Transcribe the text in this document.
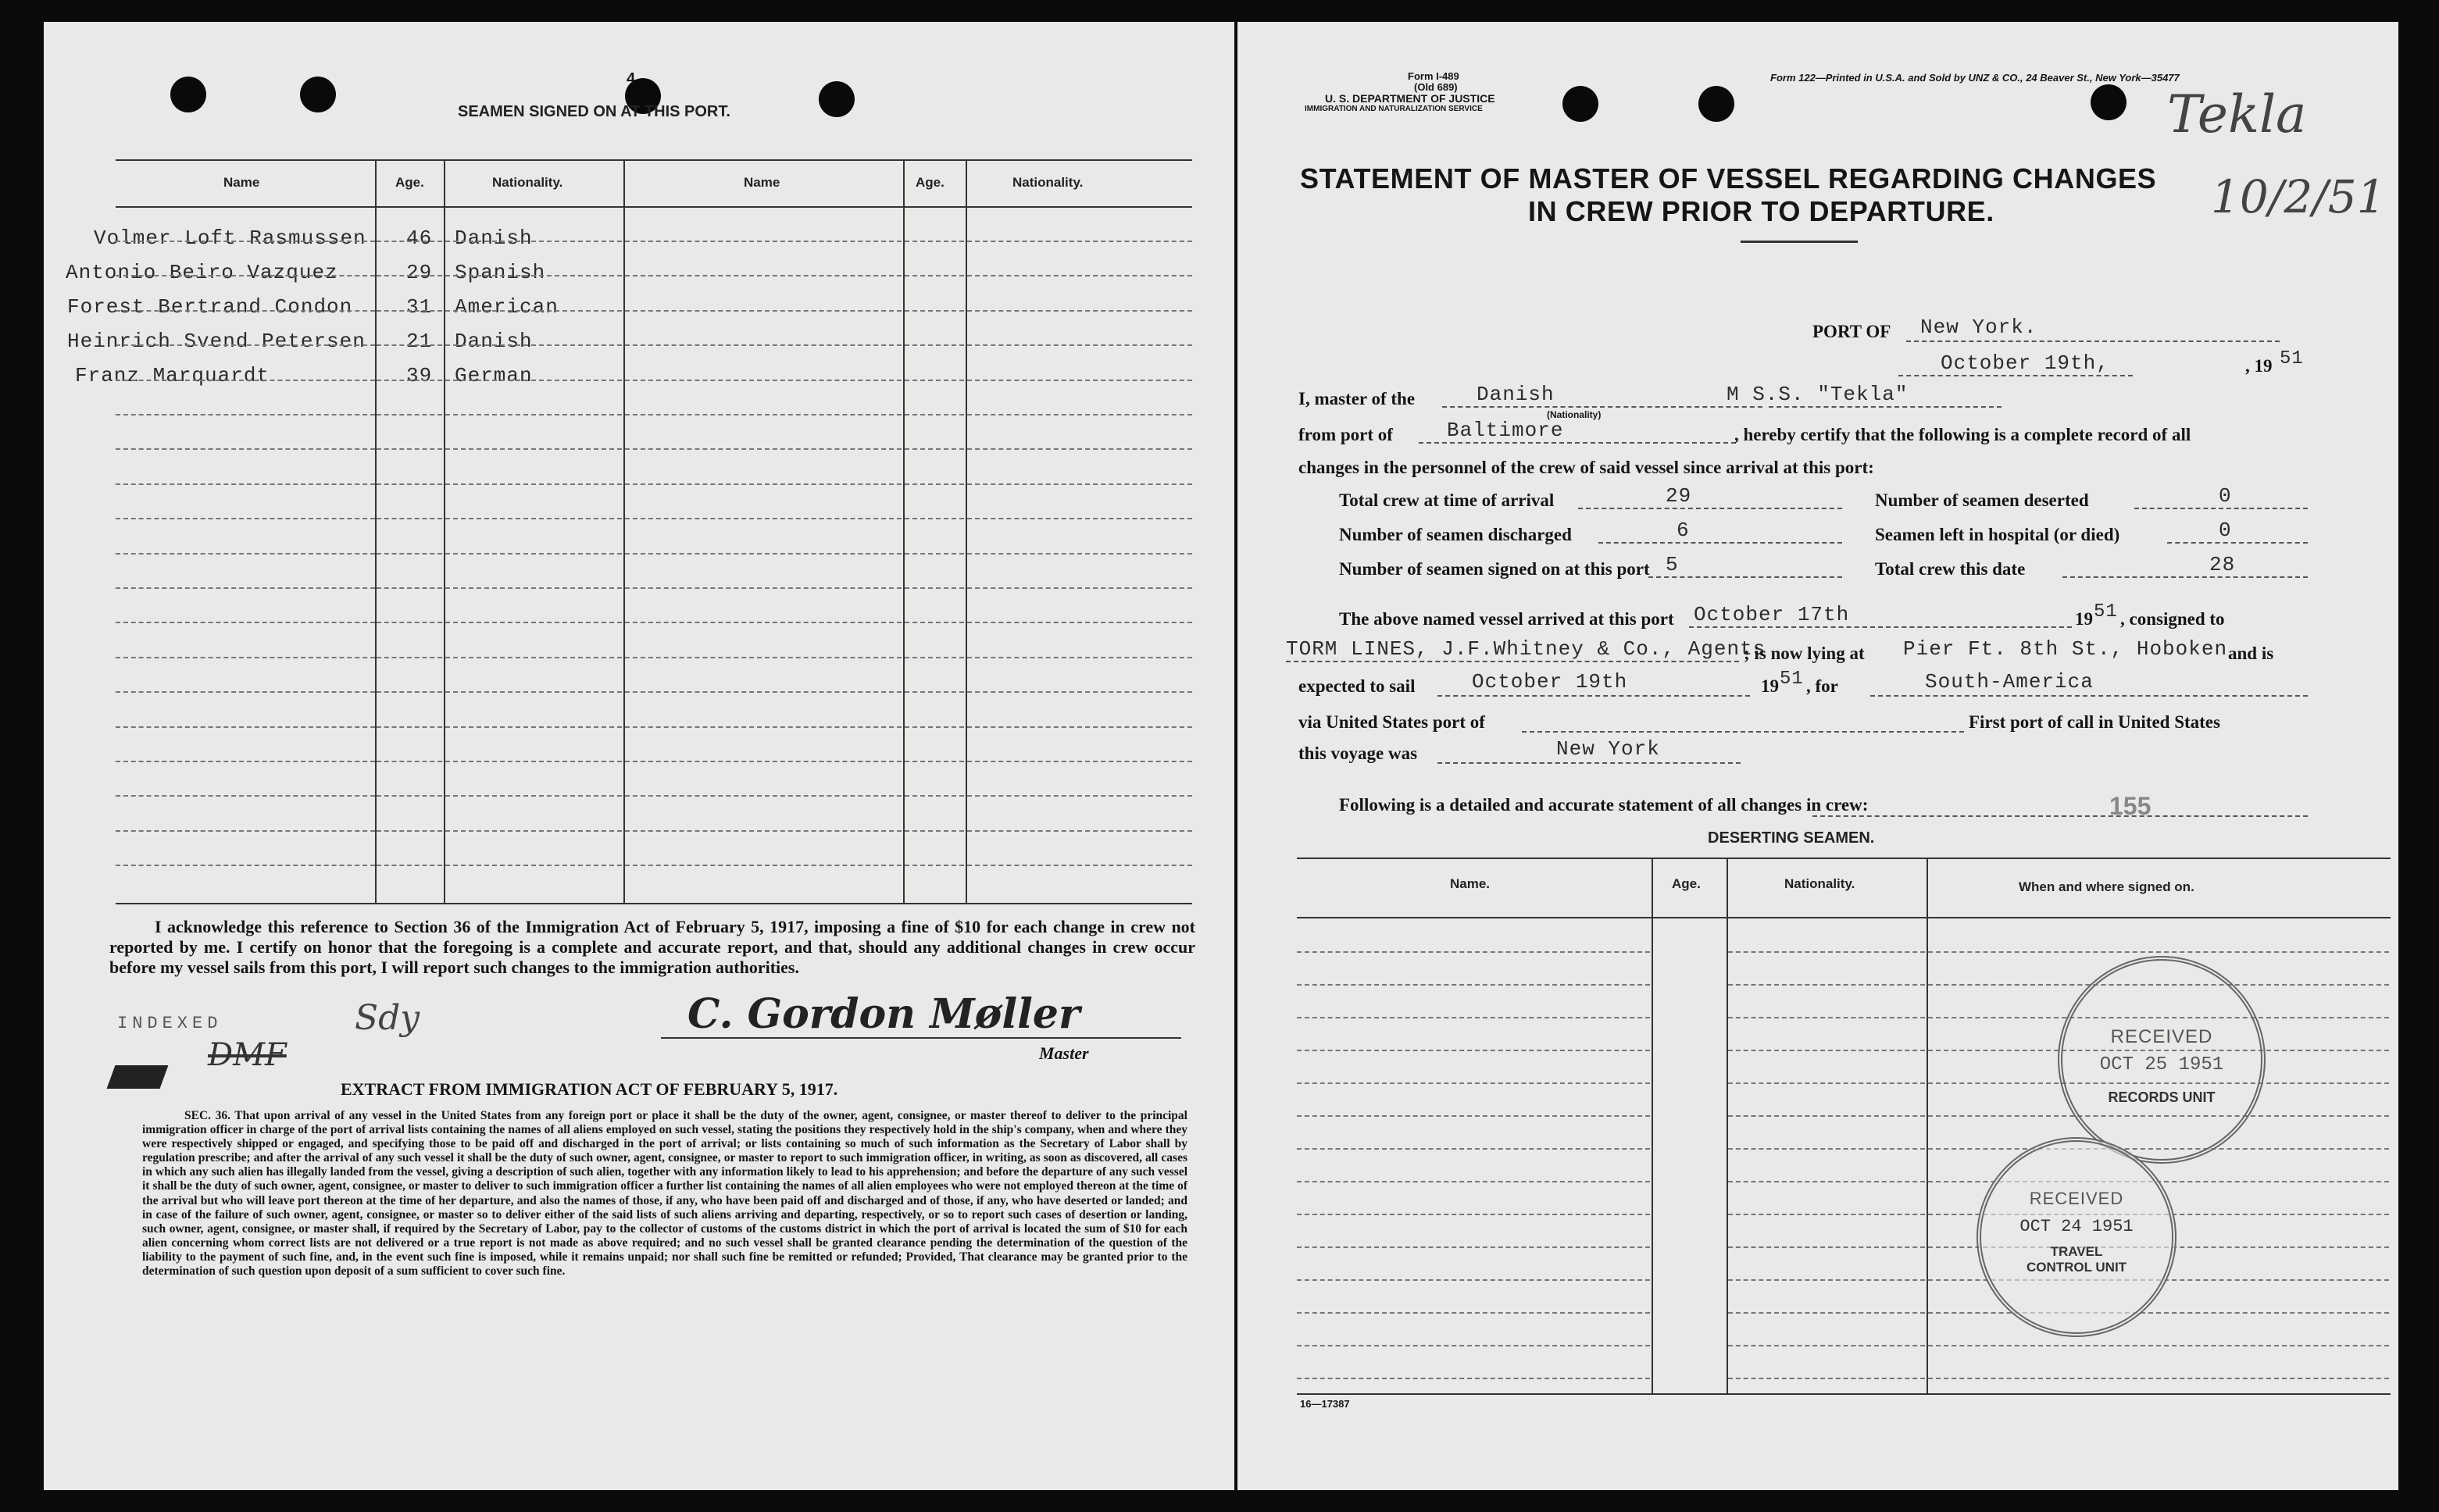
4
SEAMEN SIGNED ON AT THIS PORT.
Name	Age.	Nationality.	Name	Age.	Nationality.
Volmer Loft Rasmussen 46 Danish
Antonio Beiro Vazquez	29 Spanish
Forest Bertrand Condon	31 American
Heinrich Svend Petersen 21 Danish
Franz Marquardt	39 German
I acknowledge this reference to Section 36 of the Immigration Act of February 5, 1917, imposing a fine of $10 for each change in crew not reported by me. I certify on honor that the foregoing is a complete and accurate report, and that, should any additional changes in crew occur before my vessel sails from this port, I will report such changes to the immigration authorities.
INDEXED	Sdy
DMF
C. Gordon Møller
Master
EXTRACT FROM IMMIGRATION ACT OF FEBRUARY 5, 1917.
SEC. 36. That upon arrival of any vessel in the United States from any foreign port or place it shall be the duty of the owner, agent, consignee, or master thereof to deliver to the principal immigration officer in charge of the port of arrival lists containing the names of all aliens employed on such vessel, stating the positions they respectively hold in the ship's company, when and where they were respectively shipped or engaged, and specifying those to be paid off and discharged in the port of arrival; or lists containing so much of such information as the Secretary of Labor shall by regulation prescribe; and after the arrival of any such vessel it shall be the duty of such owner, agent, consignee, or master to report to such immigration officer, in writing, as soon as discovered, all cases in which any such alien has illegally landed from the vessel, giving a description of such alien, together with any information likely to lead to his apprehension; and before the departure of any such vessel it shall be the duty of such owner, agent, consignee, or master to deliver to such immigration officer a further list containing the names of all alien employees who were not employed thereon at the time of the arrival but who will leave port thereon at the time of her departure, and also the names of those, if any, who have been paid off and discharged and of those, if any, who have deserted or landed; and in case of the failure of such owner, agent, consignee, or master so to deliver either of the said lists of such aliens arriving and departing, respectively, or so to report such cases of desertion or landing, such owner, agent, consignee, or master shall, if required by the Secretary of Labor, pay to the collector of customs of the customs district in which the port of arrival is located the sum of $10 for each alien concerning whom correct lists are not delivered or a true report is not made as above required; and no such vessel shall be granted clearance pending the determination of the question of the liability to the payment of such fine, and, in the event such fine is imposed, while it remains unpaid; nor shall such fine be remitted or refunded; Provided, That clearance may be granted prior to the determination of such question upon deposit of a sum sufficient to cover such fine.
Form I-489
(Old 689)
U. S. DEPARTMENT OF JUSTICE
IMMIGRATION AND NATURALIZATION SERVICE
Form 122—Printed in U.S.A. and Sold by UNZ & CO., 24 Beaver St., New York—35477
Tekla
10/2/51
STATEMENT OF MASTER OF VESSEL REGARDING CHANGES
IN CREW PRIOR TO DEPARTURE.
PORT OF New York.
October 19th,	, 19 51
I, master of the	Danish
(Nationality)
M S.S. "Tekla"
from port of	Baltimore	, hereby certify that the following is a complete record of all
changes in the personnel of the crew of said vessel since arrival at this port:
Total crew at time of arrival	29	Number of seamen deserted	0
Number of seamen discharged	6	Seamen left in hospital (or died)	0
Number of seamen signed on at this port 5	Total crew this date	28
The above named vessel arrived at this port October 17th	19 51 , consigned to
TORM LINES, J.F.Whitney & Co., Agents
; is now lying at Pier Ft. 8th St., Hoboken and is
expected to sail	October 19th	19 51 , for	South-America
via United States port of	First port of call in United States
this voyage was	New York
Following is a detailed and accurate statement of all changes in crew:	155
DESERTING SEAMEN.
Name.	Age.	Nationality.	When and where signed on.
RECEIVED
OCT 25 1951
RECORDS UNIT
RECEIVED
OCT 24 1951
TRAVEL CONTROL UNIT
16—17387
